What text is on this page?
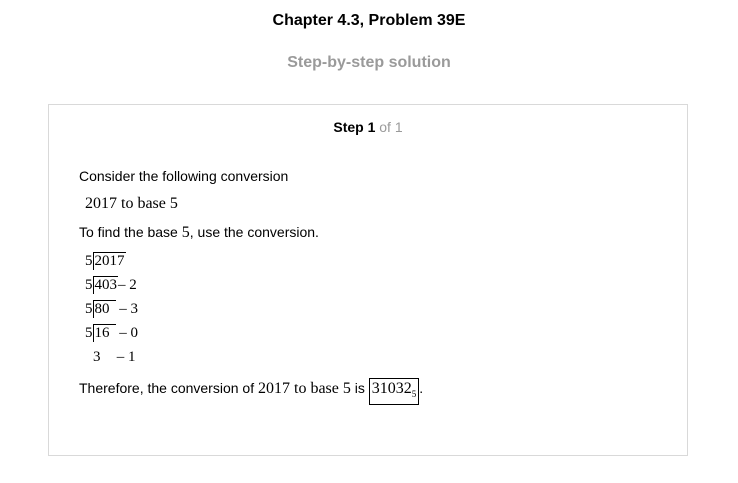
Chapter 4.3, Problem 39E
Step-by-step solution
Step 1 of 1
Consider the following conversion
2017 to base 5
To find the base 5, use the conversion.
5 2017
5 403– 2
5 80 – 3
5 16 – 0
3 – 1
Therefore, the conversion of 2017 to base 5 is $31032_5$ .
